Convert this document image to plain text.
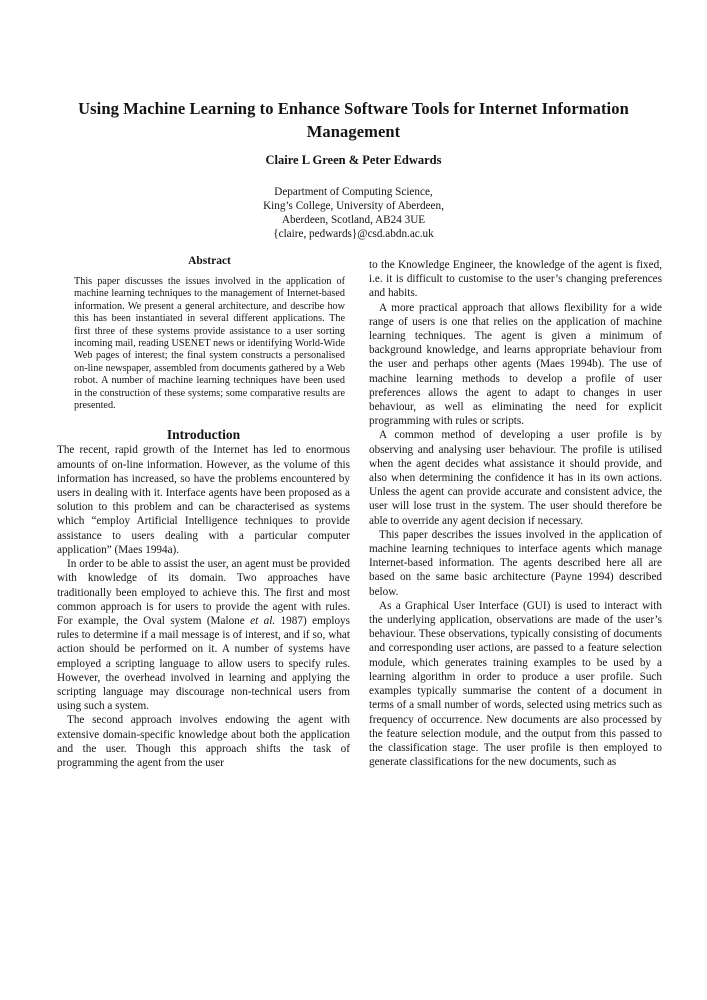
Using Machine Learning to Enhance Software Tools for Internet Information Management
Claire L Green & Peter Edwards
Department of Computing Science,
King’s College, University of Aberdeen,
Aberdeen, Scotland, AB24 3UE
{claire, pedwards}@csd.abdn.ac.uk
Abstract

This paper discusses the issues involved in the application of machine learning techniques to the management of Internet-based information. We present a general architecture, and describe how this has been instantiated in several different applications. The first three of these systems provide assistance to a user sorting incoming mail, reading USENET news or identifying World-Wide Web pages of interest; the final system constructs a personalised on-line newspaper, assembled from documents gathered by a Web robot. A number of machine learning techniques have been used in the construction of these systems; some comparative results are presented.

Introduction

The recent, rapid growth of the Internet has led to enormous amounts of on-line information. However, as the volume of this information has increased, so have the problems encountered by users in dealing with it. Interface agents have been proposed as a solution to this problem and can be characterised as systems which “employ Artificial Intelligence techniques to provide assistance to users dealing with a particular computer application” (Maes 1994a).

In order to be able to assist the user, an agent must be provided with knowledge of its domain. Two approaches have traditionally been employed to achieve this. The first and most common approach is for users to provide the agent with rules. For example, the Oval system (Malone et al. 1987) employs rules to determine if a mail message is of interest, and if so, what action should be performed on it. A number of systems have employed a scripting language to allow users to specify rules. However, the overhead involved in learning and applying the scripting language may discourage non-technical users from using such a system.

The second approach involves endowing the agent with extensive domain-specific knowledge about both the application and the user. Though this approach shifts the task of programming the agent from the user

to the Knowledge Engineer, the knowledge of the agent is fixed, i.e. it is difficult to customise to the user’s changing preferences and habits.

A more practical approach that allows flexibility for a wide range of users is one that relies on the application of machine learning techniques. The agent is given a minimum of background knowledge, and learns appropriate behaviour from the user and perhaps other agents (Maes 1994b). The use of machine learning methods to develop a profile of user preferences allows the agent to adapt to changes in user behaviour, as well as eliminating the need for explicit programming with rules or scripts.

A common method of developing a user profile is by observing and analysing user behaviour. The profile is utilised when the agent decides what assistance it should provide, and also when determining the confidence it has in its own actions. Unless the agent can provide accurate and consistent advice, the user will lose trust in the system. The user should therefore be able to override any agent decision if necessary.

This paper describes the issues involved in the application of machine learning techniques to interface agents which manage Internet-based information. The agents described here all are based on the same basic architecture (Payne 1994) described below.

As a Graphical User Interface (GUI) is used to interact with the underlying application, observations are made of the user’s behaviour. These observations, typically consisting of documents and corresponding user actions, are passed to a feature selection module, which generates training examples to be used by a learning algorithm in order to produce a user profile. Such examples typically summarise the content of a document in terms of a small number of words, selected using metrics such as frequency of occurrence. New documents are also processed by the feature selection module, and the output from this passed to the classification stage. The user profile is then employed to generate classifications for the new documents, such as
